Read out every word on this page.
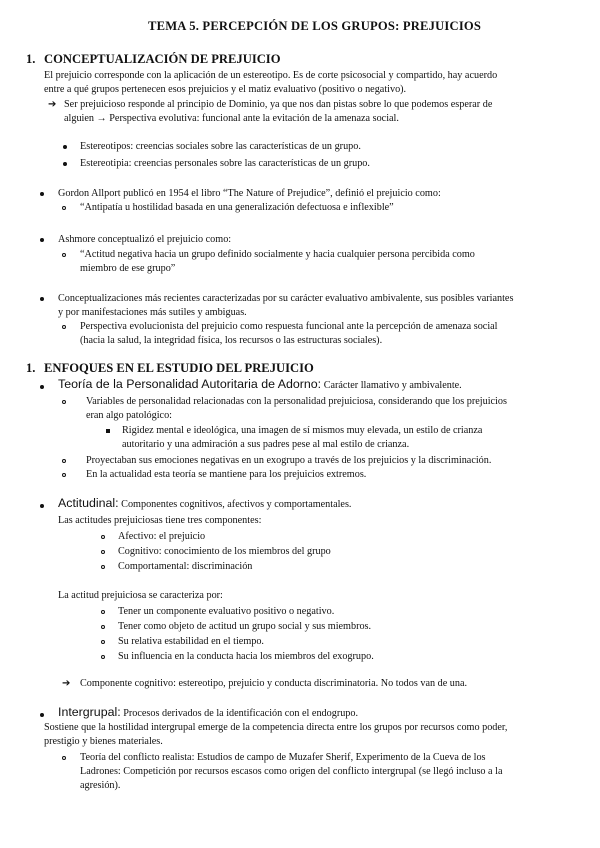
TEMA 5. PERCEPCIÓN DE LOS GRUPOS: PREJUICIOS
1. CONCEPTUALIZACIÓN DE PREJUICIO
El prejuicio corresponde con la aplicación de un estereotipo. Es de corte psicosocial y compartido, hay acuerdo
entre a qué grupos pertenecen esos prejuicios y el matiz evaluativo (positivo o negativo).
➔ Ser prejuicioso responde al principio de Dominio, ya que nos dan pistas sobre lo que podemos esperar de
alguien → Perspectiva evolutiva: funcional ante la evitación de la amenaza social.
Estereotipos: creencias sociales sobre las características de un grupo.
Estereotipia: creencias personales sobre las características de un grupo.
Gordon Allport publicó en 1954 el libro “The Nature of Prejudice”, definió el prejuicio como:
“Antipatía u hostilidad basada en una generalización defectuosa e inflexible”
Ashmore conceptualizó el prejuicio como:
“Actitud negativa hacia un grupo definido socialmente y hacia cualquier persona percibida como
miembro de ese grupo”
Conceptualizaciones más recientes caracterizadas por su carácter evaluativo ambivalente, sus posibles variantes
y por manifestaciones más sutiles y ambiguas.
Perspectiva evolucionista del prejuicio como respuesta funcional ante la percepción de amenaza social
(hacia la salud, la integridad física, los recursos o las estructuras sociales).
1. ENFOQUES EN EL ESTUDIO DEL PREJUICIO
Teoría de la Personalidad Autoritaria de Adorno: Carácter llamativo y ambivalente.
Variables de personalidad relacionadas con la personalidad prejuiciosa, considerando que los prejuicios
eran algo patológico:
Rigidez mental e ideológica, una imagen de sí mismos muy elevada, un estilo de crianza
autoritario y una admiración a sus padres pese al mal estilo de crianza.
Proyectaban sus emociones negativas en un exogrupo a través de los prejuicios y la discriminación.
En la actualidad esta teoría se mantiene para los prejuicios extremos.
Actitudinal: Componentes cognitivos, afectivos y comportamentales.
Las actitudes prejuiciosas tiene tres componentes:
Afectivo: el prejuicio
Cognitivo: conocimiento de los miembros del grupo
Comportamental: discriminación
La actitud prejuiciosa se caracteriza por:
Tener un componente evaluativo positivo o negativo.
Tener como objeto de actitud un grupo social y sus miembros.
Su relativa estabilidad en el tiempo.
Su influencia en la conducta hacia los miembros del exogrupo.
➔ Componente cognitivo: estereotipo, prejuicio y conducta discriminatoria. No todos van de una.
Intergrupal: Procesos derivados de la identificación con el endogrupo.
Sostiene que la hostilidad intergrupal emerge de la competencia directa entre los grupos por recursos como poder,
prestigio y bienes materiales.
Teoría del conflicto realista: Estudios de campo de Muzafer Sherif, Experimento de la Cueva de los
Ladrones: Competición por recursos escasos como origen del conflicto intergrupal (se llegó incluso a la
agresión).
